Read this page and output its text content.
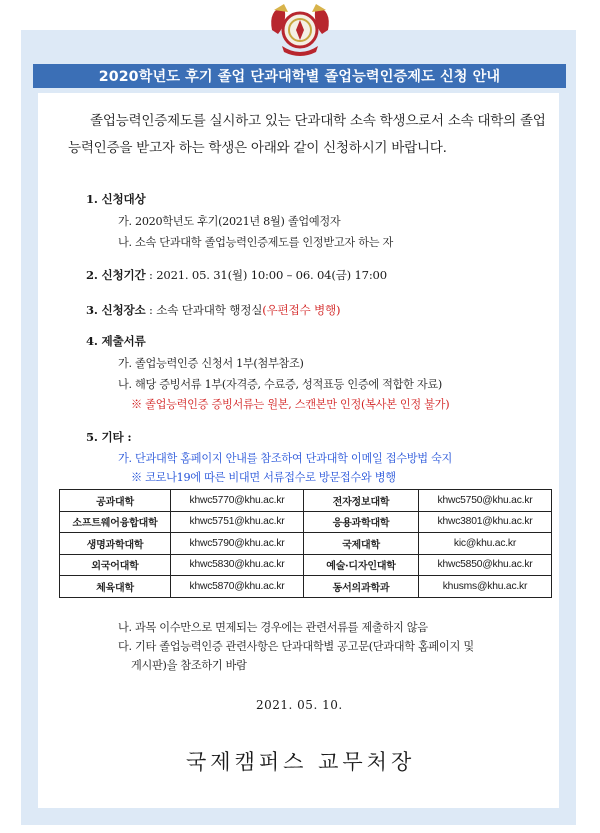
2020학년도 후기 졸업 단과대학별 졸업능력인증제도 신청 안내
졸업능력인증제도를 실시하고 있는 단과대학 소속 학생으로서 소속 대학의 졸업능력인증을 받고자 하는 학생은 아래와 같이 신청하시기 바랍니다.
1. 신청대상
가. 2020학년도 후기(2021년 8월) 졸업예정자
나. 소속 단과대학 졸업능력인증제도를 인정받고자 하는 자
2. 신청기간 : 2021. 05. 31(월) 10:00 – 06. 04(금) 17:00
3. 신청장소 : 소속 단과대학 행정실(우편접수 병행)
4. 제출서류
가. 졸업능력인증 신청서 1부(첨부참조)
나. 해당 증빙서류 1부(자격증, 수료증, 성적표등 인증에 적합한 자료)
※ 졸업능력인증 증빙서류는 원본, 스캔본만 인정(복사본 인정 불가)
5. 기타 :
가. 단과대학 홈페이지 안내를 참조하여 단과대학 이메일 접수방법 숙지
※ 코로나19에 따른 비대면 서류접수로 방문접수와 병행
공과대학	khwc5770@khu.ac.kr	전자정보대학	khwc5750@khu.ac.kr
소프트웨어융합대학	khwc5751@khu.ac.kr	응용과학대학	khwc3801@khu.ac.kr
생명과학대학	khwc5790@khu.ac.kr	국제대학	kic@khu.ac.kr
외국어대학	khwc5830@khu.ac.kr	예술·디자인대학	khwc5850@khu.ac.kr
체육대학	khwc5870@khu.ac.kr	동서의과학과	khusms@khu.ac.kr
나. 과목 이수만으로 면제되는 경우에는 관련서류를 제출하지 않음
다. 기타 졸업능력인증 관련사항은 단과대학별 공고문(단과대학 홈페이지 및
게시판)을 참조하기 바람
2021. 05. 10.
국제캠퍼스 교무처장
